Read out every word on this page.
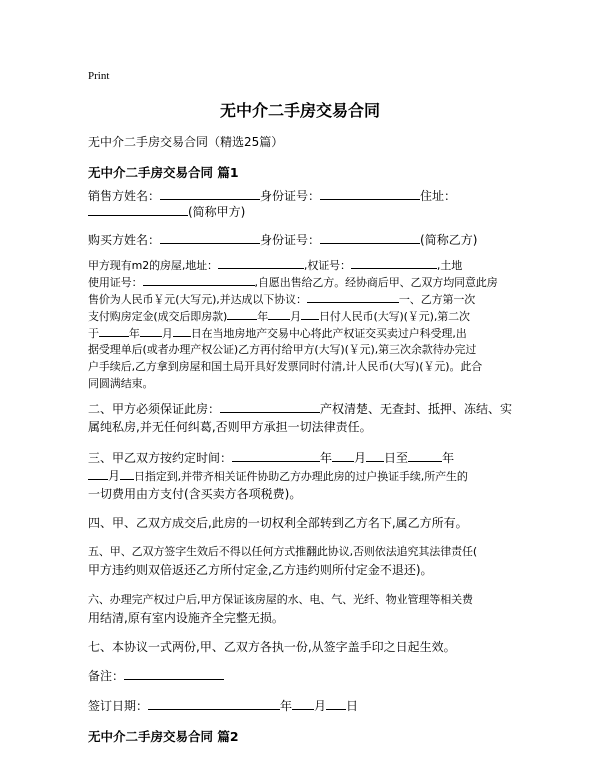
Print
无中介二手房交易合同
无中介二手房交易合同（精选25篇）
无中介二手房交易合同 篇1
销售方姓名：	身份证号：	住址：
(简称甲方)
购买方姓名：	身份证号：	(简称乙方)
甲方现有m2的房屋,地址：	,权证号：	,土地
使用证号：	,自愿出售给乙方。经协商后甲、乙双方均同意此房
售价为人民币￥元(大写元),并达成以下协议：	一、乙方第一次
支付购房定金(成交后即房款)	年 月 日付人民币(大写)(￥元),第二次
于	年 月 日在当地房地产交易中心将此产权证交买卖过户科受理,出
据受理单后(或者办理产权公证)乙方再付给甲方(大写)(￥元),第三次余款待办完过
户手续后,乙方拿到房屋和国土局开具好发票同时付清,计人民币(大写)(￥元)。此合
同圆满结束。
二、甲方必须保证此房：	产权清楚、无查封、抵押、冻结、实
属纯私房,并无任何纠葛,否则甲方承担一切法律责任。
三、甲乙双方按约定时间：	年 月 日至	年
月 日指定到,并带齐相关证件协助乙方办理此房的过户换证手续,所产生的
一切费用由方支付(含买卖方各项税费)。
四、甲、乙双方成交后,此房的一切权利全部转到乙方名下,属乙方所有。
五、甲、乙双方签字生效后不得以任何方式推翻此协议,否则依法追究其法律责任(
甲方违约则双倍返还乙方所付定金,乙方违约则所付定金不退还)。
六、办理完产权过户后,甲方保证该房屋的水、电、气、光纤、物业管理等相关费
用结清,原有室内设施齐全完整无损。
七、本协议一式两份,甲、乙双方各执一份,从签字盖手印之日起生效。
备注：
签订日期：	年 月 日
无中介二手房交易合同 篇2
